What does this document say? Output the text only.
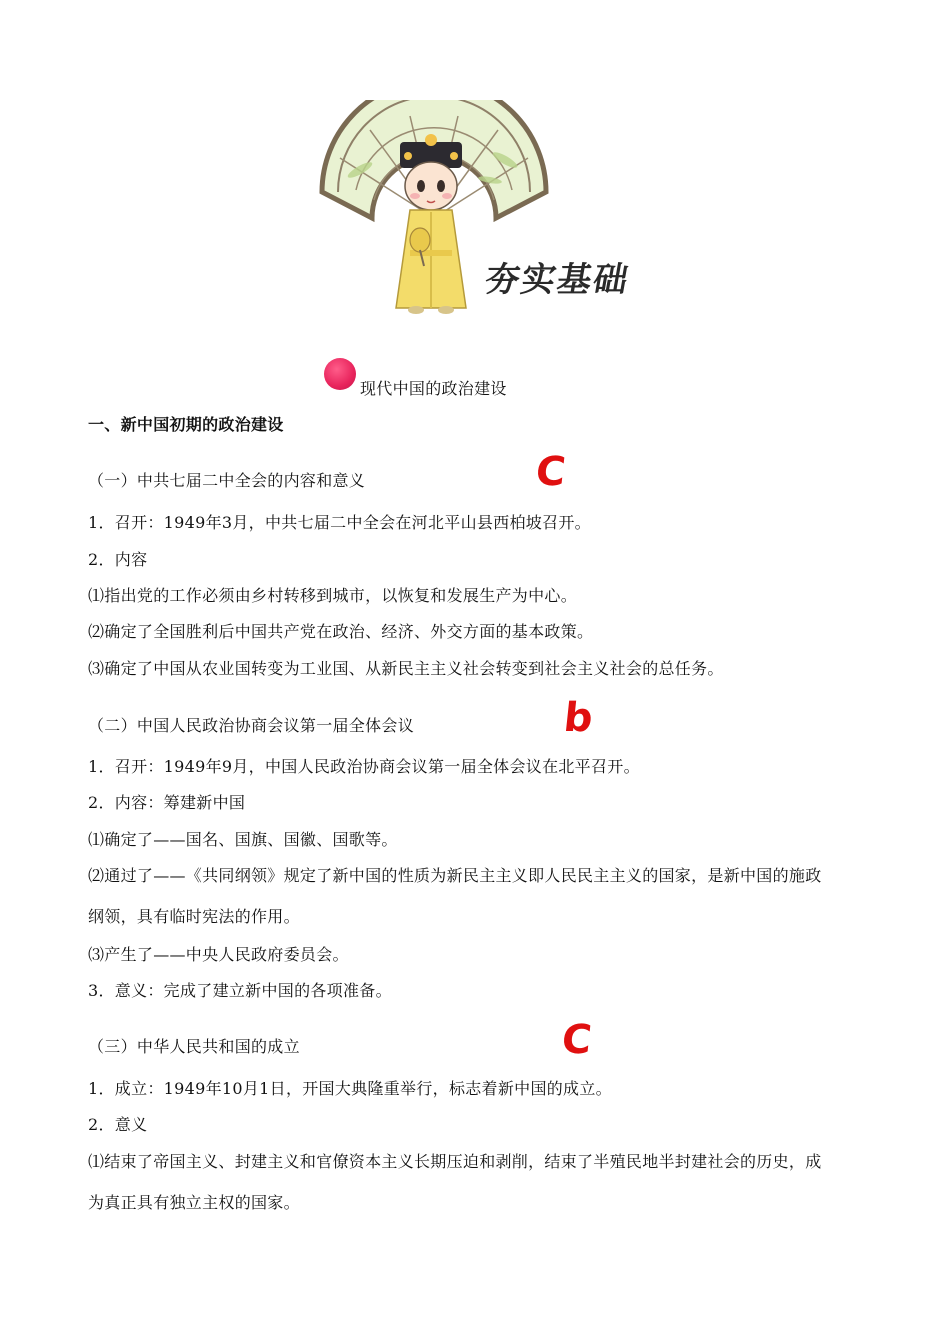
夯实基础
现代中国的政治建设
一、新中国初期的政治建设
（一）中共七届二中全会的内容和意义	C
1．召开：1949年3月，中共七届二中全会在河北平山县西柏坡召开。
2．内容
⑴指出党的工作必须由乡村转移到城市，以恢复和发展生产为中心。
⑵确定了全国胜利后中国共产党在政治、经济、外交方面的基本政策。
⑶确定了中国从农业国转变为工业国、从新民主主义社会转变到社会主义社会的总任务。
（二）中国人民政治协商会议第一届全体会议	b
1．召开：1949年9月，中国人民政治协商会议第一届全体会议在北平召开。
2．内容：筹建新中国
⑴确定了——国名、国旗、国徽、国歌等。
⑵通过了——《共同纲领》规定了新中国的性质为新民主主义即人民民主主义的国家，是新中国的施政
纲领，具有临时宪法的作用。
⑶产生了——中央人民政府委员会。
3．意义：完成了建立新中国的各项准备。
（三）中华人民共和国的成立	C
1．成立：1949年10月1日，开国大典隆重举行，标志着新中国的成立。
2．意义
⑴结束了帝国主义、封建主义和官僚资本主义长期压迫和剥削，结束了半殖民地半封建社会的历史，成
为真正具有独立主权的国家。
